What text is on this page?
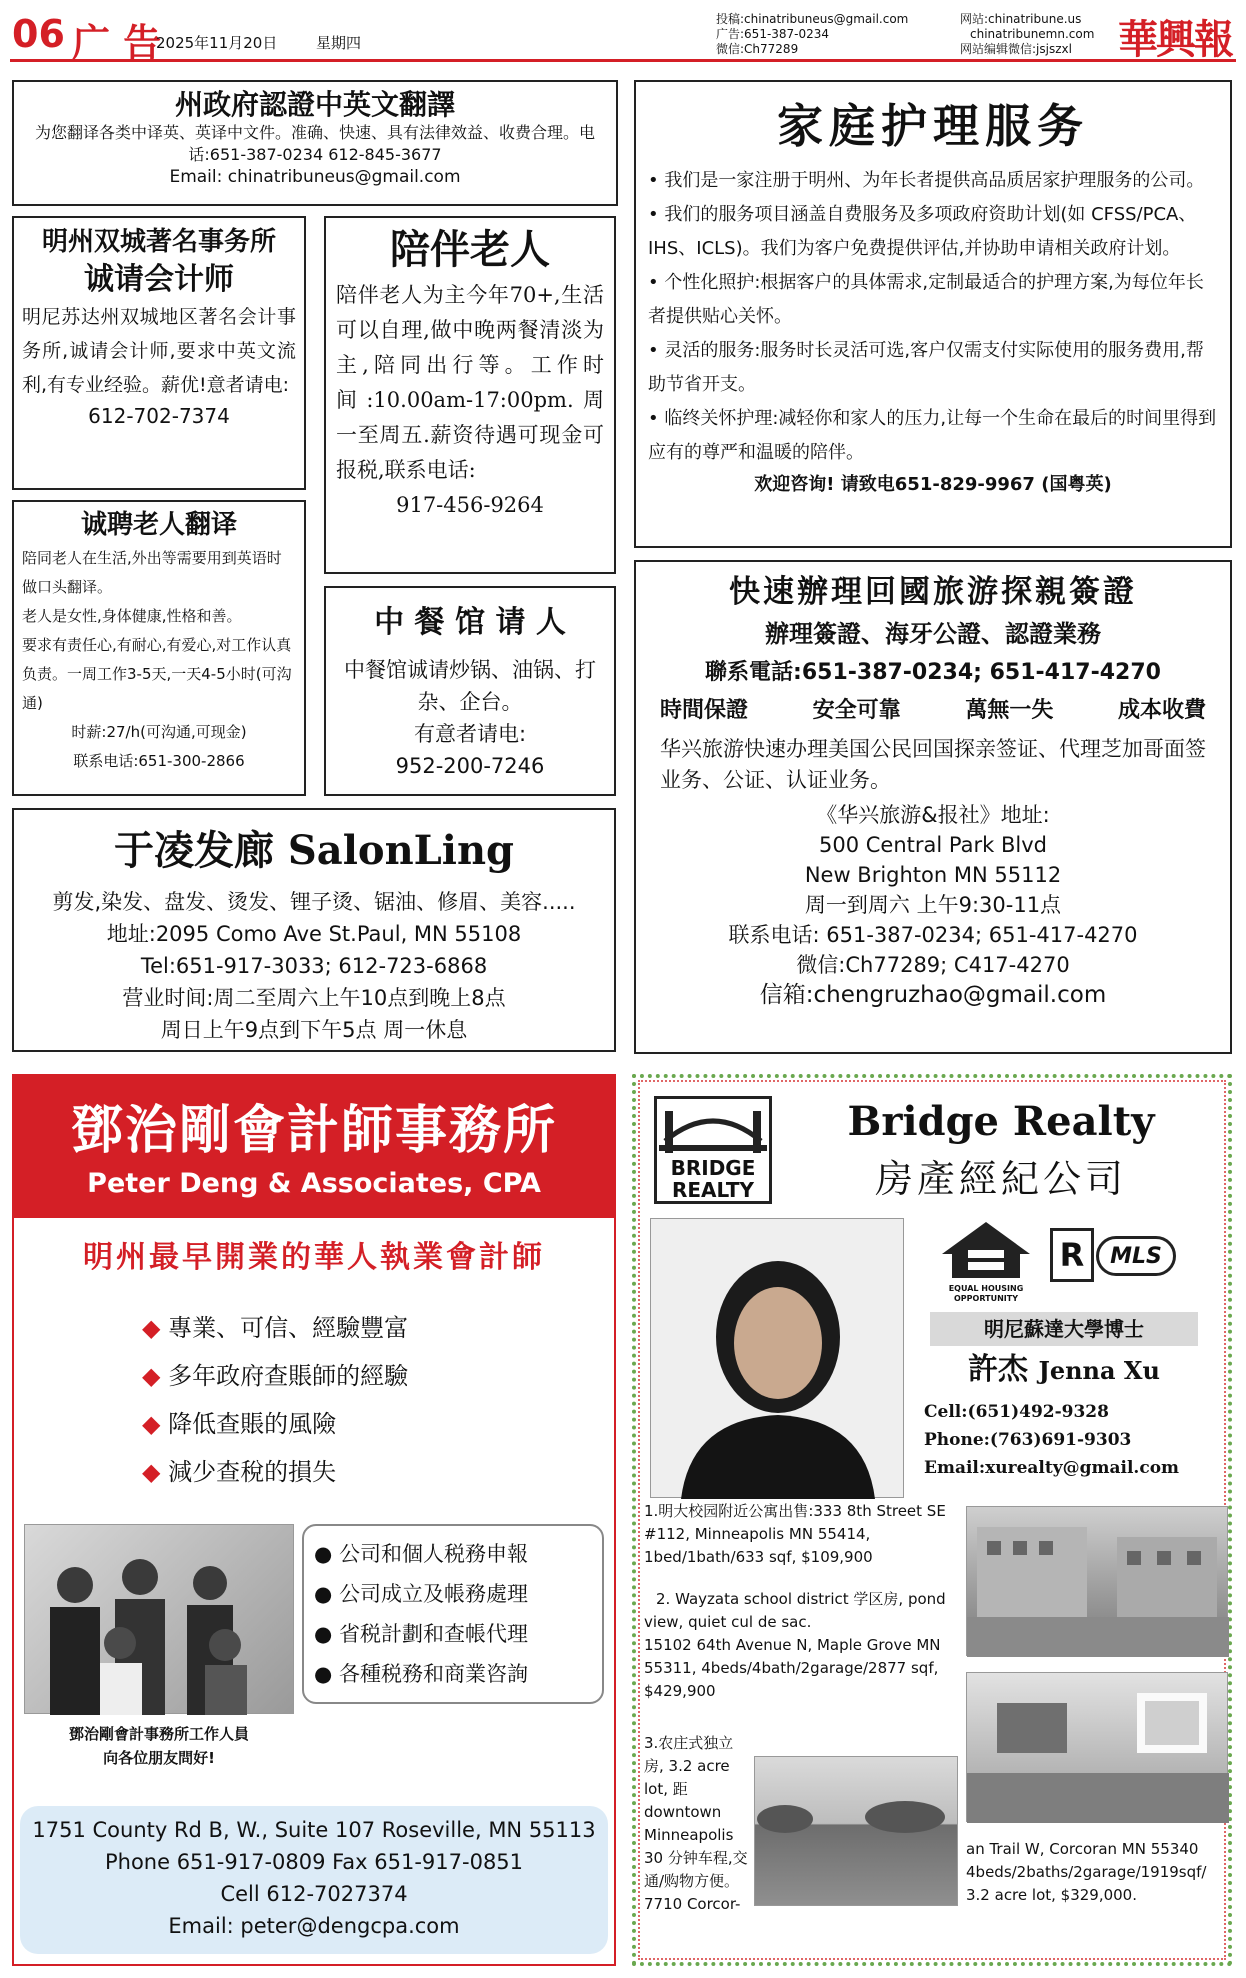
06 广 告
2025年11月20日	星期四
投稿:chinatribuneus@gmail.com
广告:651-387-0234
微信:Ch77289
网站:chinatribune.us
chinatribunemn.com
网站编辑微信:jsjszxl	華興報
州政府認證中英文翻譯
为您翻译各类中译英、英译中文件。准确、快速、具有法律效益、收费合理。电话:651-387-0234 612-845-3677
Email: chinatribuneus@gmail.com
明州双城著名事务所
诚请会计师
明尼苏达州双城地区著名会计事务所,诚请会计师,要求中英文流利,有专业经验。薪优!意者请电:
612-702-7374
陪伴老人
陪伴老人为主今年70+,生活可以自理,做中晚两餐清淡为主,陪同出行等。工作时间:10.00am-17:00pm.周一至周五.薪资待遇可现金可报税,联系电话:
917-456-9264
诚聘老人翻译
陪同老人在生活,外出等需要用到英语时做口头翻译。
老人是女性,身体健康,性格和善。
要求有责任心,有耐心,有爱心,对工作认真负责。一周工作3-5天,一天4-5小时(可沟通)
时薪:27/h(可沟通,可现金)
联系电话:651-300-2866
中 餐 馆 请 人
中餐馆诚请炒锅、油锅、打杂、企台。
有意者请电:
952-200-7246
家庭护理服务
• 我们是一家注册于明州、为年长者提供高品质居家护理服务的公司。
• 我们的服务项目涵盖自费服务及多项政府资助计划(如 CFSS/PCA、IHS、ICLS)。我们为客户免费提供评估,并协助申请相关政府计划。
• 个性化照护:根据客户的具体需求,定制最适合的护理方案,为每位年长者提供贴心关怀。
• 灵活的服务:服务时长灵活可选,客户仅需支付实际使用的服务费用,帮助节省开支。
• 临终关怀护理:减轻你和家人的压力,让每一个生命在最后的时间里得到应有的尊严和温暖的陪伴。
欢迎咨询! 请致电651-829-9967 (国粤英)
于凌发廊 SalonLing
剪发,染发、盘发、烫发、锂子烫、锯油、修眉、美容.....
地址:2095 Como Ave St.Paul, MN 55108
Tel:651-917-3033; 612-723-6868
营业时间:周二至周六上午10点到晚上8点
周日上午9点到下午5点 周一休息
快速辦理回國旅游探親簽證
辦理簽證、海牙公證、認證業務
聯系電話:651-387-0234; 651-417-4270
時間保證	安全可靠	萬無一失	成本收費
华兴旅游快速办理美国公民回国探亲签证、代理芝加哥面签业务、公证、认证业务。
《华兴旅游&报社》地址:
500 Central Park Blvd
New Brighton MN 55112
周一到周六 上午9:30-11点
联系电话: 651-387-0234; 651-417-4270
微信:Ch77289; C417-4270
信箱:chengruzhao@gmail.com
鄧治剛會計師事務所
Peter Deng & Associates, CPA
明州最早開業的華人執業會計師
◆ 專業、可信、經驗豐富
◆ 多年政府查賬師的經驗
◆ 降低查賬的風險
◆ 減少查稅的損失
鄧治剛會計事務所工作人員
向各位朋友問好!
● 公司和個人税務申報
● 公司成立及帳務處理
● 省税計劃和查帳代理
● 各種税務和商業咨詢
1751 County Rd B, W., Suite 107 Roseville, MN 55113
Phone 651-917-0809 Fax 651-917-0851
Cell 612-7027374
Email: peter@dengcpa.com
BRIDGE
REALTY
Bridge Realty
房產經紀公司
EQUAL HOUSING
OPPORTUNITY
R	MLS
明尼蘇達大學博士
許杰 Jenna Xu
Cell:(651)492-9328
Phone:(763)691-9303
Email:xurealty@gmail.com
1.明大校园附近公寓出售:333 8th Street SE #112, Minneapolis MN 55414, 1bed/1bath/633 sqf, $109,900
2. Wayzata school district 学区房, pond view, quiet cul de sac.
15102 64th Avenue N, Maple Grove MN 55311, 4beds/4bath/2garage/2877 sqf, $429,900
3.农庄式独立房, 3.2 acre lot, 距 downtown Minneapolis 30 分钟车程,交通/购物方便。7710 Corcor-
an Trail W, Corcoran MN 55340 4beds/2baths/2garage/1919sqf/ 3.2 acre lot, $329,000.
